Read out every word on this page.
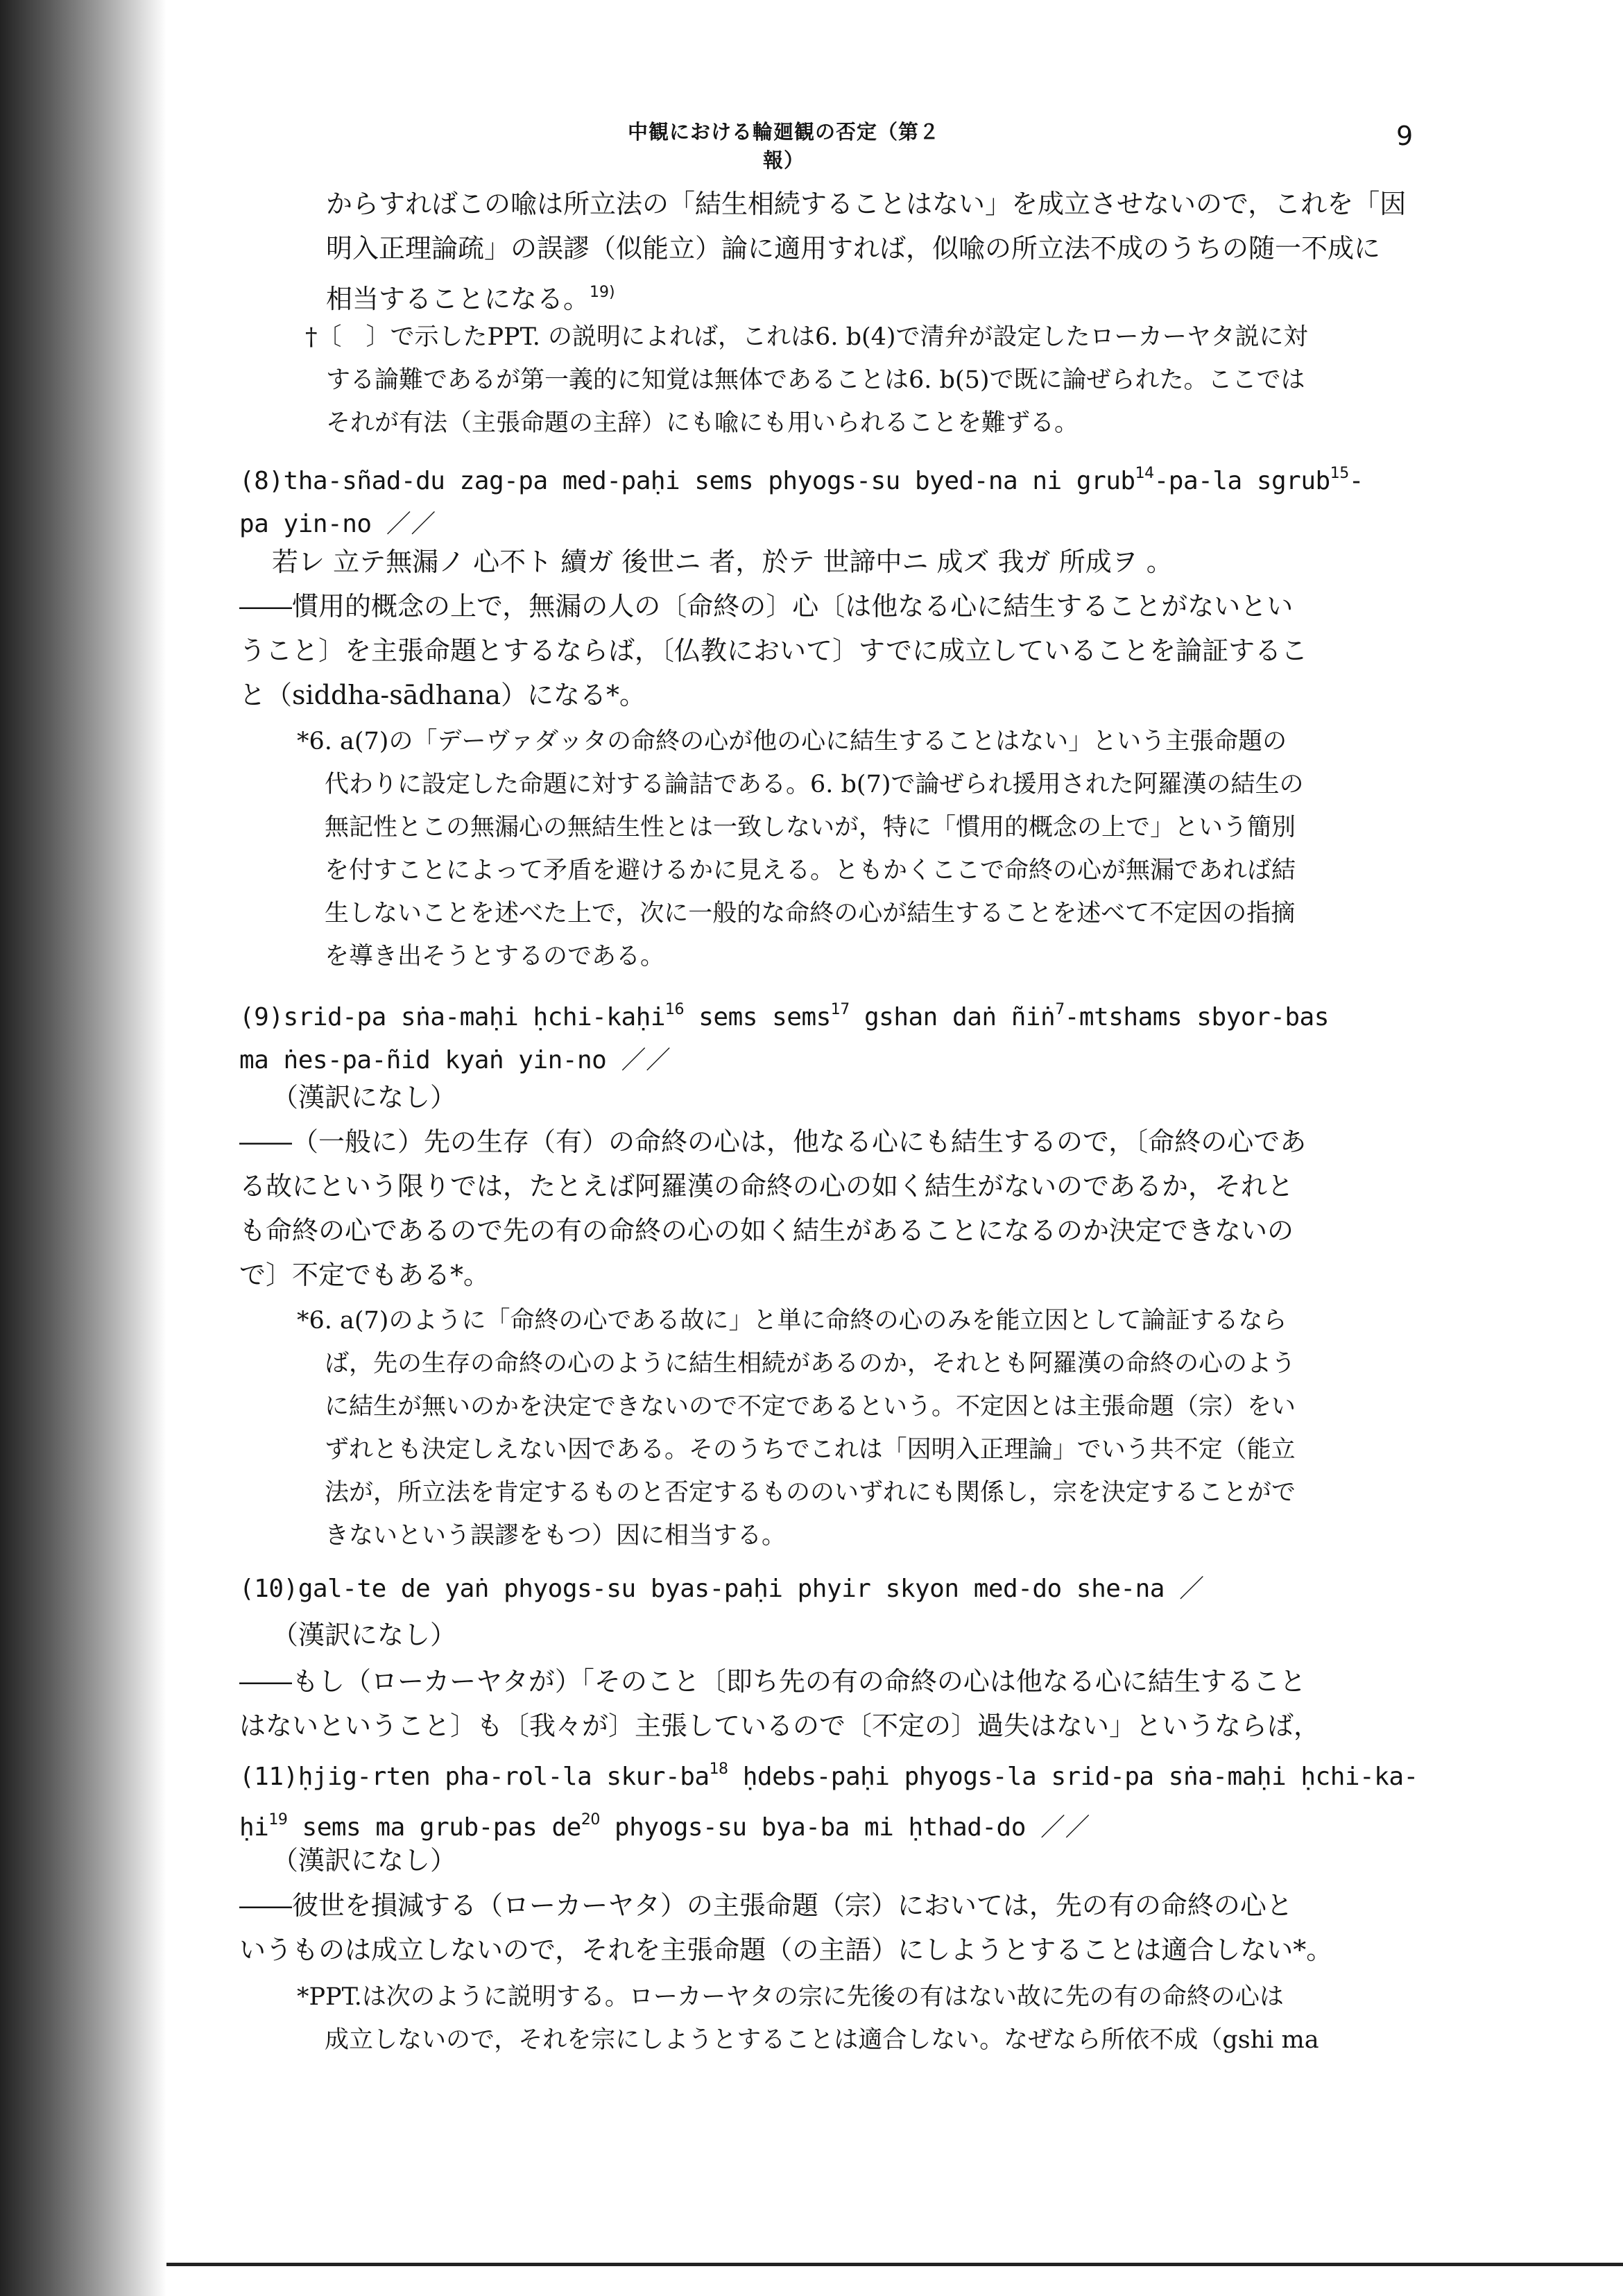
中観における輪廻観の否定（第２報）
9

からすればこの喩は所立法の「結生相続することはない」を成立させないので，これを「因

明入正理論疏」の誤謬（似能立）論に適用すれば，似喩の所立法不成のうちの随一不成に

相当することになる。$^{19)}$

†〔　〕で示したPPT. の説明によれば，これは6. b(4)で清弁が設定したローカーヤタ説に対

する論難であるが第一義的に知覚は無体であることは6. b(5)で既に論ぜられた。ここでは

それが有法（主張命題の主辞）にも喩にも用いられることを難ずる。

(8)tha-sñad-du zag-pa med-paḥi sems phyogs-su byed-na ni grub$^{14}$-pa-la sgrub$^{15}$-

pa yin-no ／／

若レ 立テ無漏ノ 心不ト 續ガ 後世ニ 者，於テ 世諦中ニ 成ズ 我ガ 所成ヲ 。

――慣用的概念の上で，無漏の人の〔命終の〕心〔は他なる心に結生することがないとい

うこと〕を主張命題とするならば，〔仏教において〕すでに成立していることを論証するこ

と（siddha-sādhana）になる*。

*6. a(7)の「デーヴァダッタの命終の心が他の心に結生することはない」という主張命題の

代わりに設定した命題に対する論詰である。6. b(7)で論ぜられ援用された阿羅漢の結生の

無記性とこの無漏心の無結生性とは一致しないが，特に「慣用的概念の上で」という簡別

を付すことによって矛盾を避けるかに見える。ともかくここで命終の心が無漏であれば結

生しないことを述べた上で，次に一般的な命終の心が結生することを述べて不定因の指摘

を導き出そうとするのである。

(9)srid-pa sṅa-maḥi ḥchi-kaḥi$^{16}$ sems sems$^{17}$ gshan daṅ ñiṅ$^7$-mtshams sbyor-bas

ma ṅes-pa-ñid kyaṅ yin-no ／／

（漢訳になし）

――（一般に）先の生存（有）の命終の心は，他なる心にも結生するので，〔命終の心であ

る故にという限りでは，たとえば阿羅漢の命終の心の如く結生がないのであるか，それと

も命終の心であるので先の有の命終の心の如く結生があることになるのか決定できないの

で〕不定でもある*。

*6. a(7)のように「命終の心である故に」と単に命終の心のみを能立因として論証するなら

ば，先の生存の命終の心のように結生相続があるのか，それとも阿羅漢の命終の心のよう

に結生が無いのかを決定できないので不定であるという。不定因とは主張命題（宗）をい

ずれとも決定しえない因である。そのうちでこれは「因明入正理論」でいう共不定（能立

法が，所立法を肯定するものと否定するもののいずれにも関係し，宗を決定することがで

きないという誤謬をもつ）因に相当する。

(10)gal-te de yaṅ phyogs-su byas-paḥi phyir skyon med-do she-na ／

（漢訳になし）

――もし（ローカーヤタが）「そのこと〔即ち先の有の命終の心は他なる心に結生すること

はないということ〕も〔我々が〕主張しているので〔不定の〕過失はない」というならば，

(11)ḥjig-rten pha-rol-la skur-$ba^{18}$ ḥdebs-paḥi phyogs-la srid-pa sṅa-maḥi ḥchi-ka-

ḥi$^{19}$ sems ma grub-pas $de^{20}$ phyogs-su bya-ba mi ḥthad-do ／／

（漢訳になし）

――彼世を損減する（ローカーヤタ）の主張命題（宗）においては，先の有の命終の心と

いうものは成立しないので，それを主張命題（の主語）にしようとすることは適合しない*。

*PPT.は次のように説明する。ローカーヤタの宗に先後の有はない故に先の有の命終の心は

成立しないので，それを宗にしようとすることは適合しない。なぜなら所依不成（gshi ma
